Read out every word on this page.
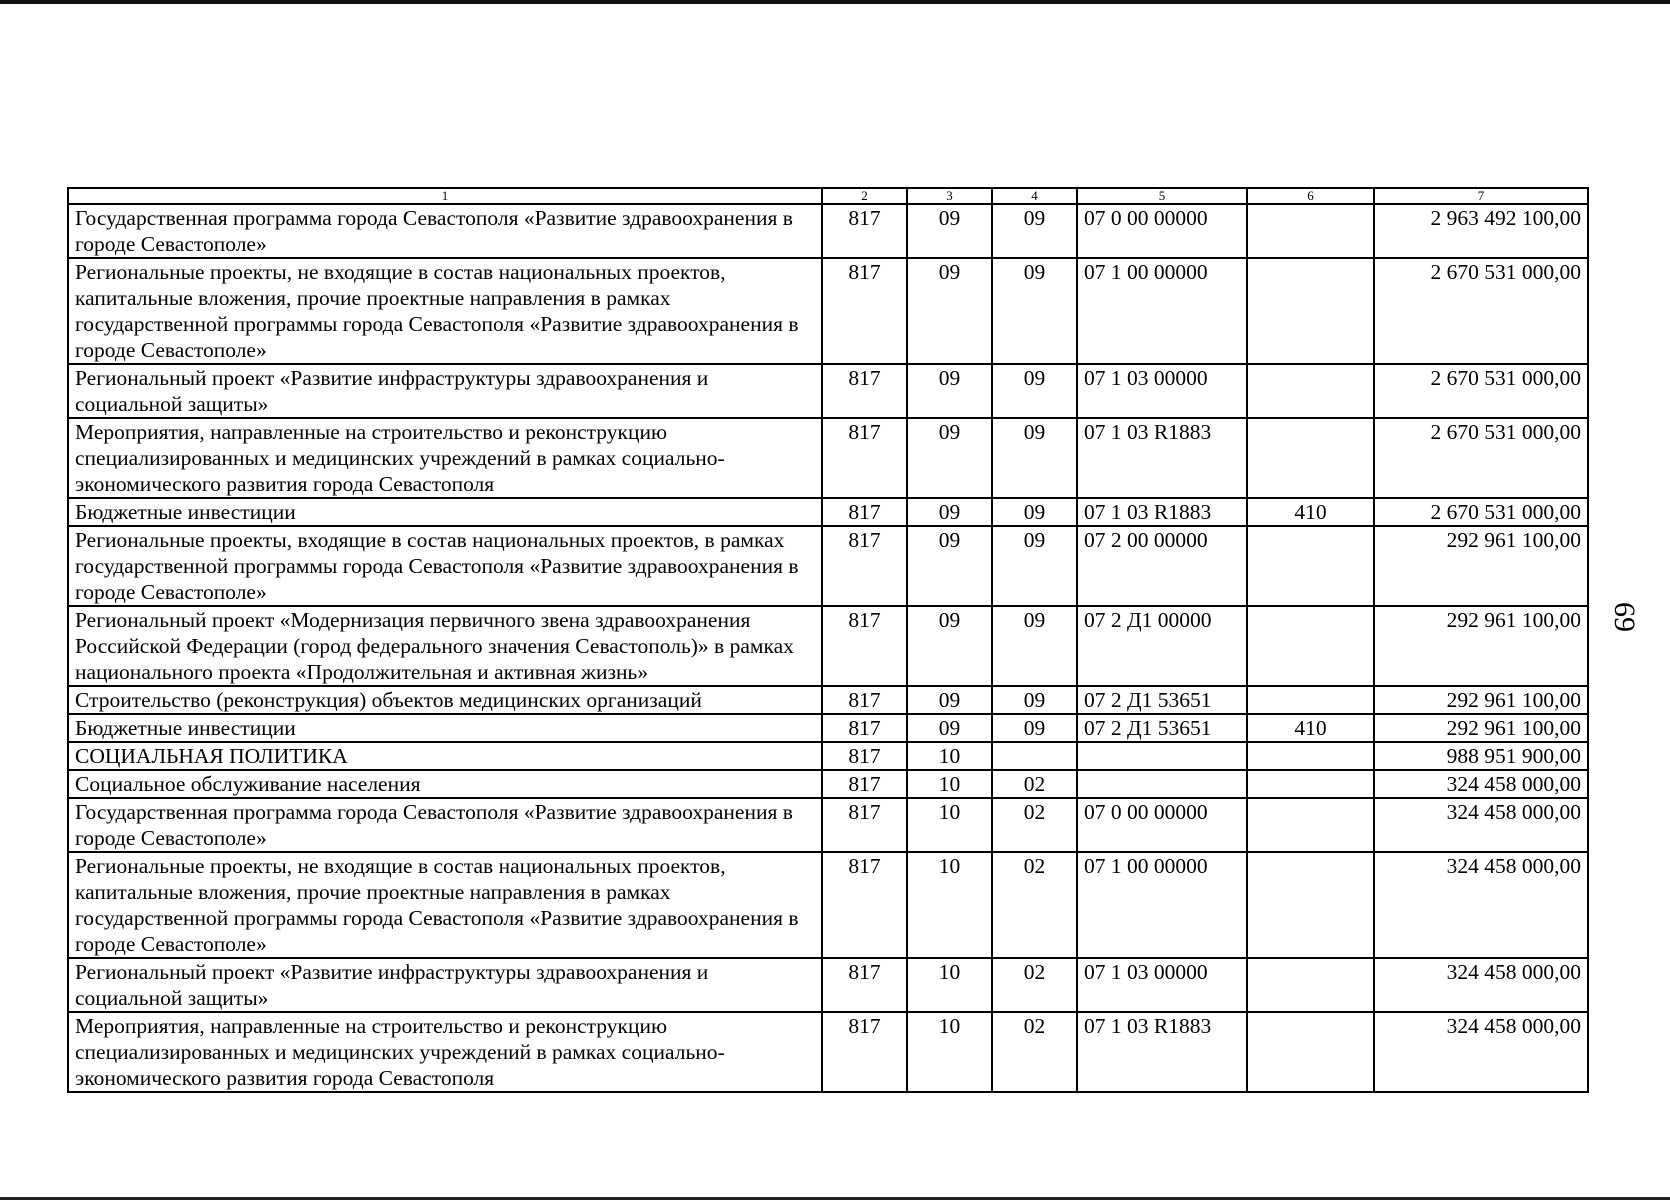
1	2	3	4	5	6	7
Государственная программа города Севастополя «Развитие здравоохранения в городе Севастополе»	817	09	09	07 0 00 00000		2 963 492 100,00
Региональные проекты, не входящие в состав национальных проектов, капитальные вложения, прочие проектные направления в рамках государственной программы города Севастополя «Развитие здравоохранения в городе Севастополе»	817	09	09	07 1 00 00000		2 670 531 000,00
Региональный проект «Развитие инфраструктуры здравоохранения и социальной защиты»	817	09	09	07 1 03 00000		2 670 531 000,00
Мероприятия, направленные на строительство и реконструкцию специализированных и медицинских учреждений в рамках социально-экономического развития города Севастополя	817	09	09	07 1 03 R1883		2 670 531 000,00
Бюджетные инвестиции	817	09	09	07 1 03 R1883	410	2 670 531 000,00
Региональные проекты, входящие в состав национальных проектов, в рамках государственной программы города Севастополя «Развитие здравоохранения в городе Севастополе»	817	09	09	07 2 00 00000		292 961 100,00
Региональный проект «Модернизация первичного звена здравоохранения Российской Федерации (город федерального значения Севастополь)» в рамках национального проекта «Продолжительная и активная жизнь»	817	09	09	07 2 Д1 00000		292 961 100,00
Строительство (реконструкция) объектов медицинских организаций	817	09	09	07 2 Д1 53651		292 961 100,00
Бюджетные инвестиции	817	09	09	07 2 Д1 53651	410	292 961 100,00
СОЦИАЛЬНАЯ ПОЛИТИКА	817	10				988 951 900,00
Социальное обслуживание населения	817	10	02			324 458 000,00
Государственная программа города Севастополя «Развитие здравоохранения в городе Севастополе»	817	10	02	07 0 00 00000		324 458 000,00
Региональные проекты, не входящие в состав национальных проектов, капитальные вложения, прочие проектные направления в рамках государственной программы города Севастополя «Развитие здравоохранения в городе Севастополе»	817	10	02	07 1 00 00000		324 458 000,00
Региональный проект «Развитие инфраструктуры здравоохранения и социальной защиты»	817	10	02	07 1 03 00000		324 458 000,00
Мероприятия, направленные на строительство и реконструкцию специализированных и медицинских учреждений в рамках социально-экономического развития города Севастополя	817	10	02	07 1 03 R1883		324 458 000,00
69
